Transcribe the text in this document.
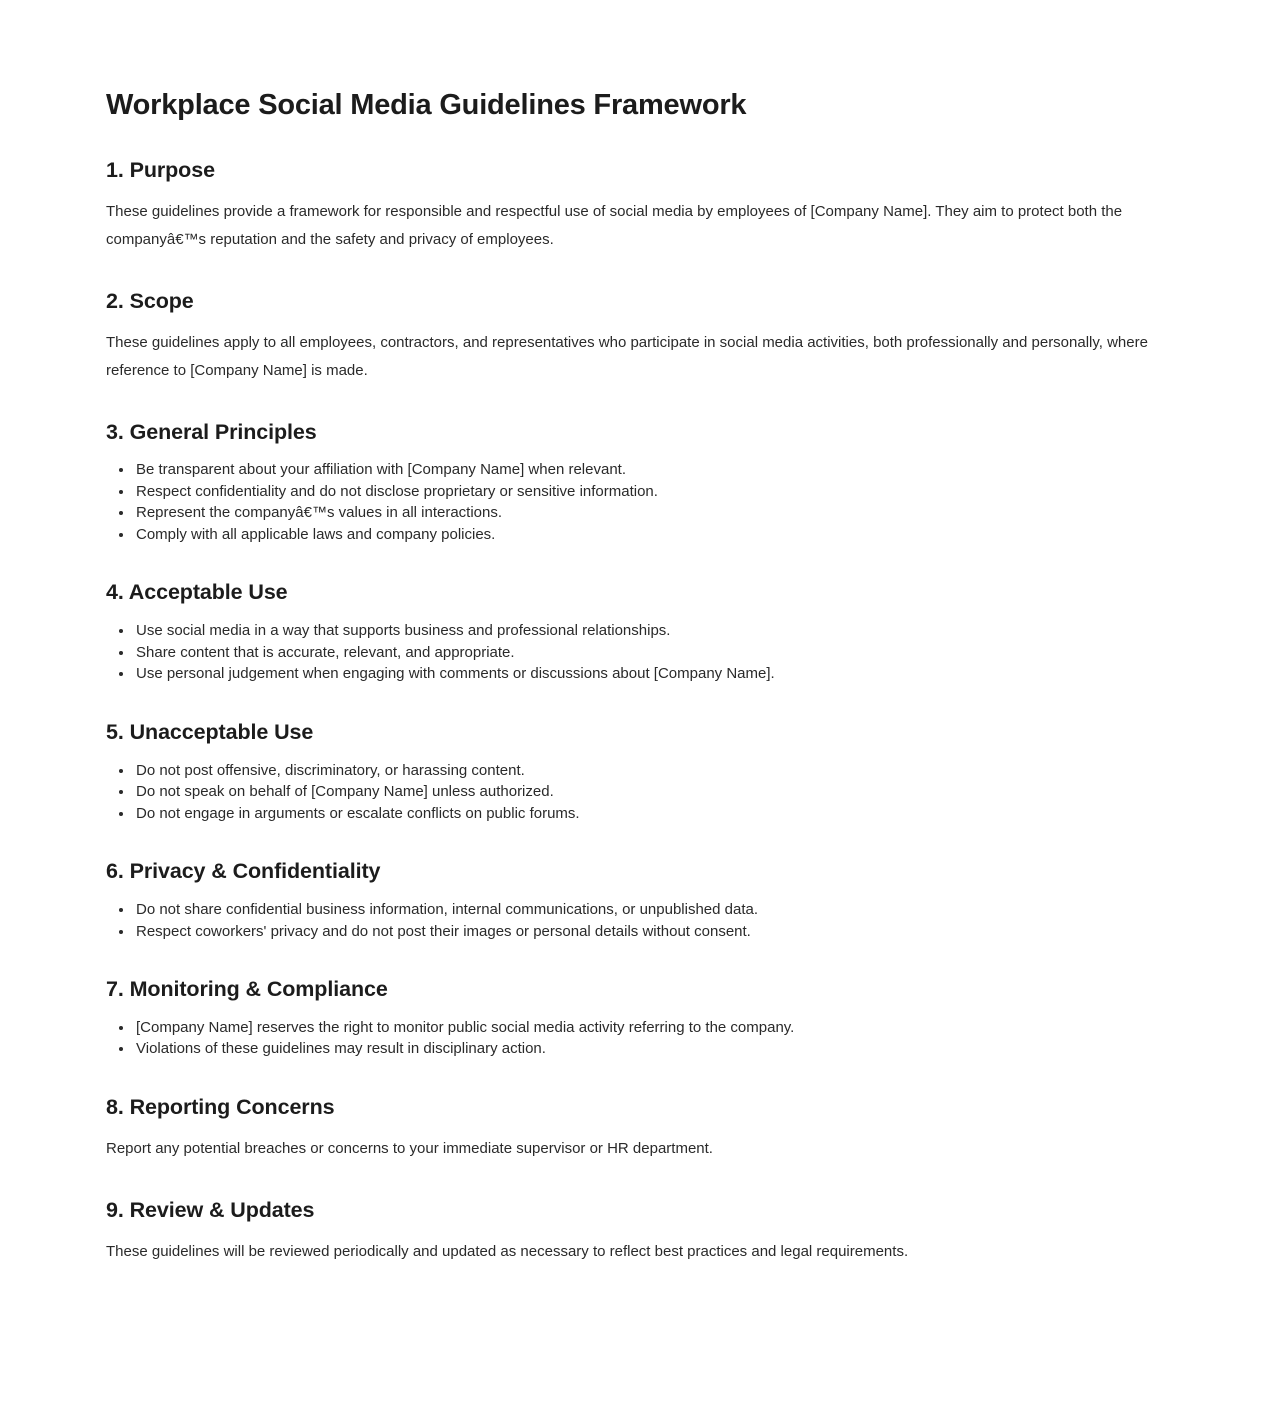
Workplace Social Media Guidelines Framework
1. Purpose

These guidelines provide a framework for responsible and respectful use of social media by employees of [Company Name]. They aim to protect both the companyâ€™s reputation and the safety and privacy of employees.

2. Scope

These guidelines apply to all employees, contractors, and representatives who participate in social media activities, both professionally and personally, where reference to [Company Name] is made.

3. General Principles
• Be transparent about your affiliation with [Company Name] when relevant.
• Respect confidentiality and do not disclose proprietary or sensitive information.
• Represent the companyâ€™s values in all interactions.
• Comply with all applicable laws and company policies.
4. Acceptable Use
• Use social media in a way that supports business and professional relationships.
• Share content that is accurate, relevant, and appropriate.
• Use personal judgement when engaging with comments or discussions about [Company Name].
5. Unacceptable Use
• Do not post offensive, discriminatory, or harassing content.
• Do not speak on behalf of [Company Name] unless authorized.
• Do not engage in arguments or escalate conflicts on public forums.
6. Privacy & Confidentiality
• Do not share confidential business information, internal communications, or unpublished data.
• Respect coworkers' privacy and do not post their images or personal details without consent.
7. Monitoring & Compliance
• [Company Name] reserves the right to monitor public social media activity referring to the company.
• Violations of these guidelines may result in disciplinary action.
8. Reporting Concerns

Report any potential breaches or concerns to your immediate supervisor or HR department.

9. Review & Updates

These guidelines will be reviewed periodically and updated as necessary to reflect best practices and legal requirements.
